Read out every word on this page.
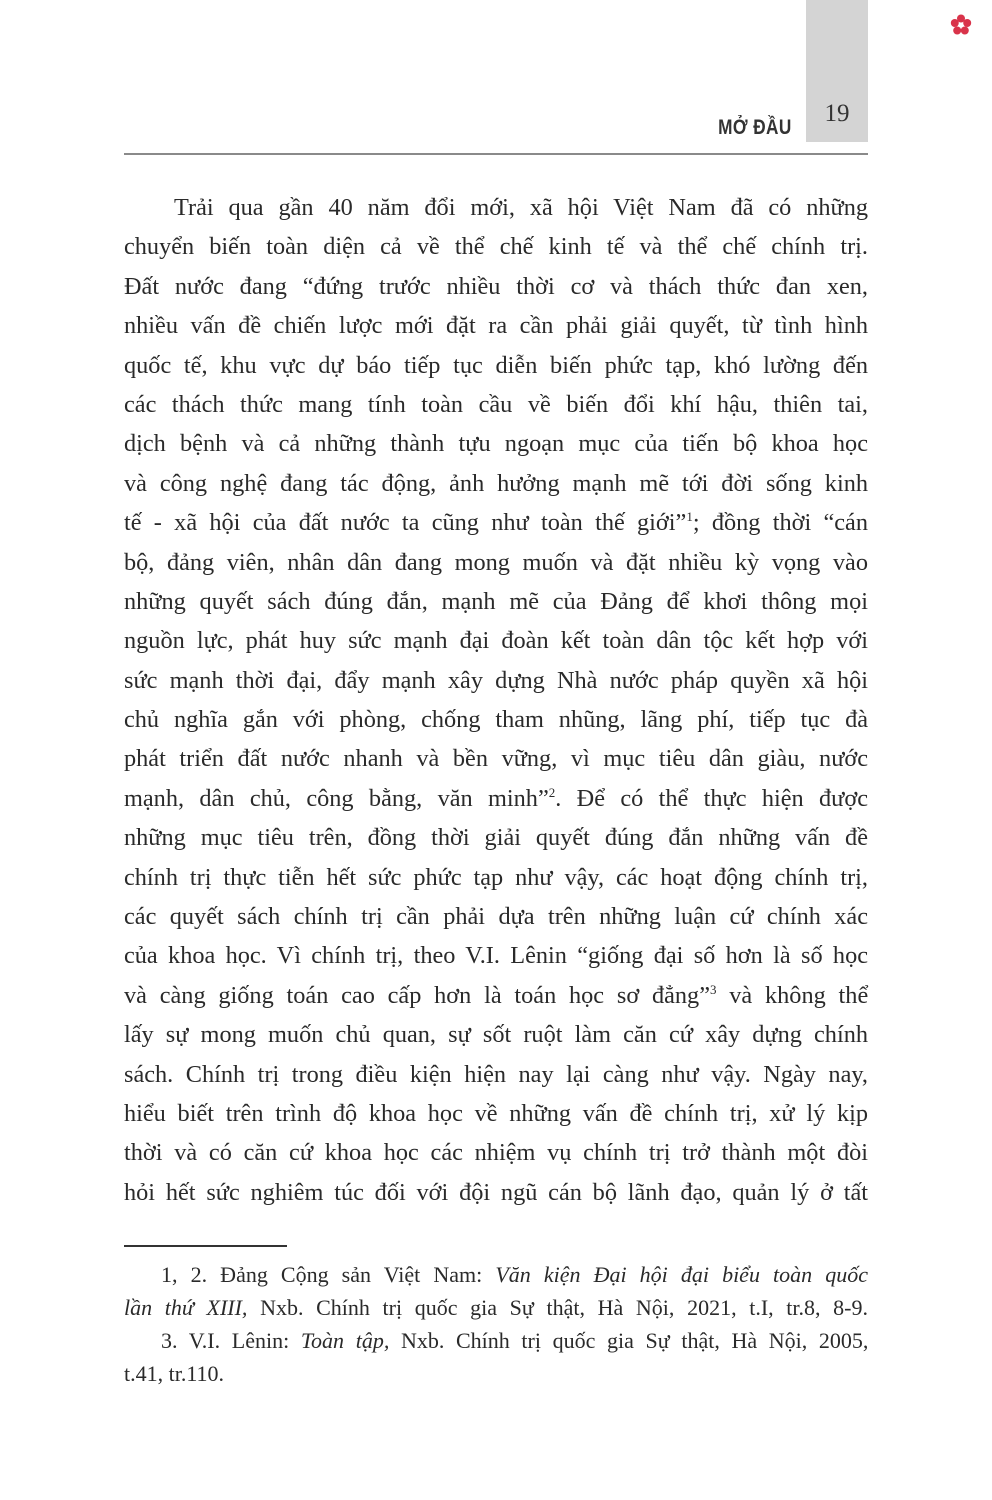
19
MỞ ĐẦU
Trải qua gần 40 năm đổi mới, xã hội Việt Nam đã có những
chuyển biến toàn diện cả về thể chế kinh tế và thể chế chính trị.
Đất nước đang “đứng trước nhiều thời cơ và thách thức đan xen,
nhiều vấn đề chiến lược mới đặt ra cần phải giải quyết, từ tình hình
quốc tế, khu vực dự báo tiếp tục diễn biến phức tạp, khó lường đến
các thách thức mang tính toàn cầu về biến đổi khí hậu, thiên tai,
dịch bệnh và cả những thành tựu ngoạn mục của tiến bộ khoa học
và công nghệ đang tác động, ảnh hưởng mạnh mẽ tới đời sống kinh
tế - xã hội của đất nước ta cũng như toàn thế giới”$^1$; đồng thời “cán
bộ, đảng viên, nhân dân đang mong muốn và đặt nhiều kỳ vọng vào
những quyết sách đúng đắn, mạnh mẽ của Đảng để khơi thông mọi
nguồn lực, phát huy sức mạnh đại đoàn kết toàn dân tộc kết hợp với
sức mạnh thời đại, đẩy mạnh xây dựng Nhà nước pháp quyền xã hội
chủ nghĩa gắn với phòng, chống tham nhũng, lãng phí, tiếp tục đà
phát triển đất nước nhanh và bền vững, vì mục tiêu dân giàu, nước
mạnh, dân chủ, công bằng, văn minh”$^2$. Để có thể thực hiện được
những mục tiêu trên, đồng thời giải quyết đúng đắn những vấn đề
chính trị thực tiễn hết sức phức tạp như vậy, các hoạt động chính trị,
các quyết sách chính trị cần phải dựa trên những luận cứ chính xác
của khoa học. Vì chính trị, theo V.I. Lênin “giống đại số hơn là số học
và càng giống toán cao cấp hơn là toán học sơ đẳng”$^3$ và không thể
lấy sự mong muốn chủ quan, sự sốt ruột làm căn cứ xây dựng chính
sách. Chính trị trong điều kiện hiện nay lại càng như vậy. Ngày nay,
hiểu biết trên trình độ khoa học về những vấn đề chính trị, xử lý kịp
thời và có căn cứ khoa học các nhiệm vụ chính trị trở thành một đòi
hỏi hết sức nghiêm túc đối với đội ngũ cán bộ lãnh đạo, quản lý ở tất
1, 2. Đảng Cộng sản Việt Nam: Văn kiện Đại hội đại biểu toàn quốc
lần thứ XIII, Nxb. Chính trị quốc gia Sự thật, Hà Nội, 2021, t.I, tr.8, 8-9.
3. V.I. Lênin: Toàn tập, Nxb. Chính trị quốc gia Sự thật, Hà Nội, 2005,
t.41, tr.110.
